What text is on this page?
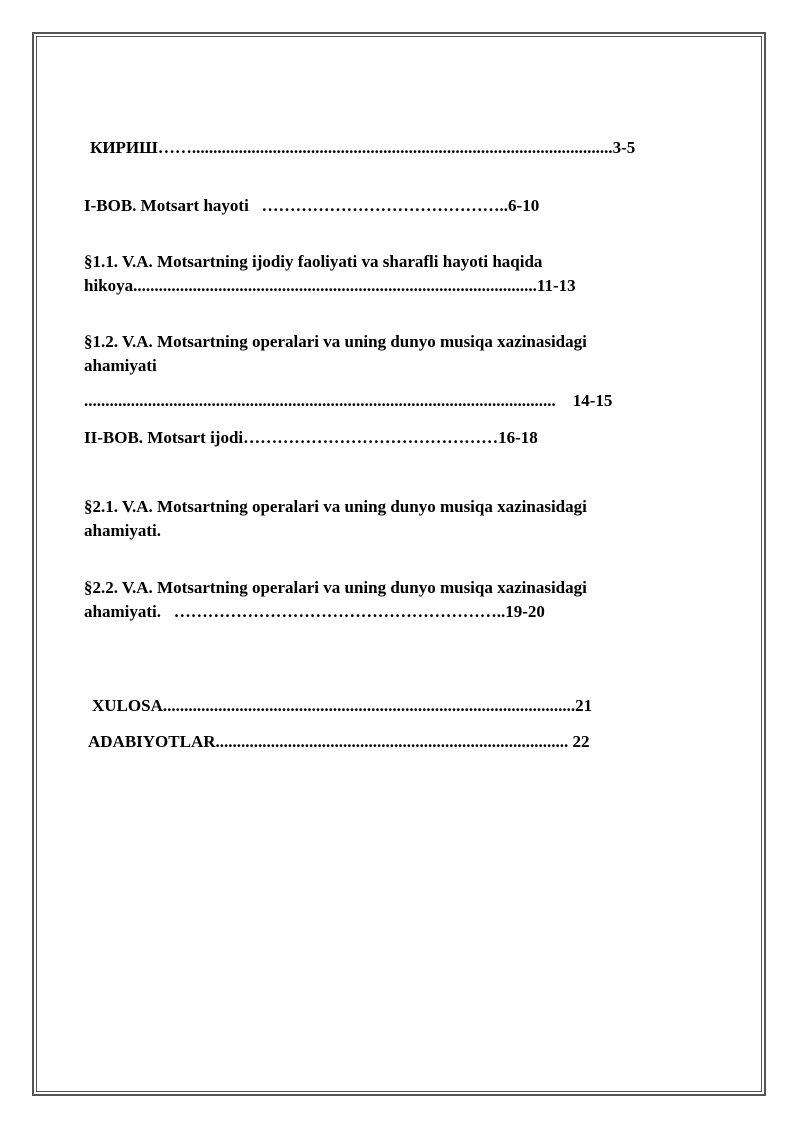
КИРИШ……...................................................................................................3-5
I-BOB. Motsart hayoti   ……………………………………..6-10
§1.1. V.A. Motsartning ijodiy faoliyati va sharafli hayoti haqida
hikoya...............................................................................................11-13
§1.2. V.A. Motsartning operalari va uning dunyo musiqa xazinasidagi
ahamiyati
...............................................................................................................    14-15
II-BOB. Motsart ijodi………………………………………16-18
§2.1. V.A. Motsartning operalari va uning dunyo musiqa xazinasidagi
ahamiyati.
§2.2. V.A. Motsartning operalari va uning dunyo musiqa xazinasidagi
ahamiyati.   …………………………………………………..19-20
XULOSA.................................................................................................21
ADABIYOTLAR................................................................................... 22
